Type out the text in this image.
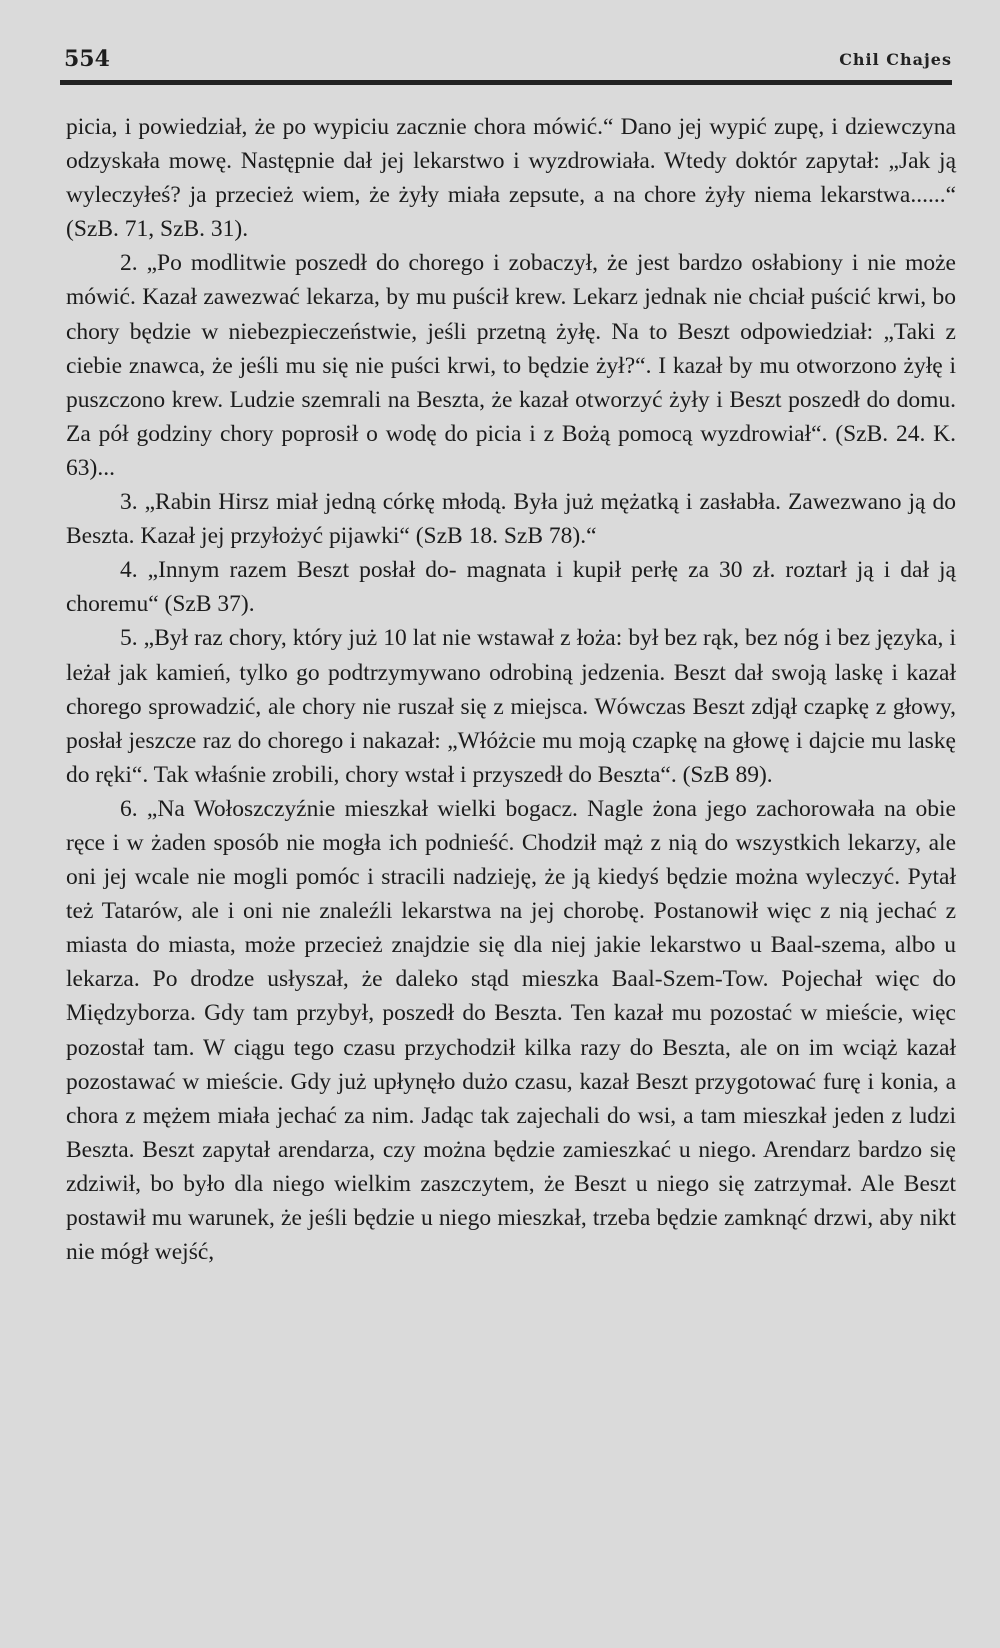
554	Chil Chajes

picia, i powiedział, że po wypiciu zacznie chora mówić.“ Dano jej wypić zupę, i dziewczyna odzyskała mowę. Następnie dał jej lekarstwo i wyzdrowiała. Wtedy doktór zapytał: „Jak ją wyleczyłeś? ja przecież wiem, że żyły miała zepsute, a na chore żyły niema lekarstwa......“ (SzB. 71, SzB. 31).

2. „Po modlitwie poszedł do chorego i zobaczył, że jest bardzo osłabiony i nie może mówić. Kazał zawezwać lekarza, by mu puścił krew. Lekarz jednak nie chciał puścić krwi, bo chory będzie w niebezpieczeństwie, jeśli przetną żyłę. Na to Beszt odpowiedział: „Taki z ciebie znawca, że jeśli mu się nie puści krwi, to będzie żył?“. I kazał by mu otworzono żyłę i puszczono krew. Ludzie szemrali na Beszta, że kazał otworzyć żyły i Beszt poszedł do domu. Za pół godziny chory poprosił o wodę do picia i z Bożą pomocą wyzdrowiał“. (SzB. 24. K. 63)...

3. „Rabin Hirsz miał jedną córkę młodą. Była już mężatką i zasłabła. Zawezwano ją do Beszta. Kazał jej przyłożyć pijawki“ (SzB 18. SzB 78).“

4. „Innym razem Beszt posłał do- magnata i kupił perłę za 30 zł. roztarł ją i dał ją choremu“ (SzB 37).

5. „Był raz chory, który już 10 lat nie wstawał z łoża: był bez rąk, bez nóg i bez języka, i leżał jak kamień, tylko go podtrzymywano odrobiną jedzenia. Beszt dał swoją laskę i kazał chorego sprowadzić, ale chory nie ruszał się z miejsca. Wówczas Beszt zdjął czapkę z głowy, posłał jeszcze raz do chorego i nakazał: „Włóżcie mu moją czapkę na głowę i dajcie mu laskę do ręki“. Tak właśnie zrobili, chory wstał i przyszedł do Beszta“. (SzB 89).

6. „Na Wołoszczyźnie mieszkał wielki bogacz. Nagle żona jego zachorowała na obie ręce i w żaden sposób nie mogła ich podnieść. Chodził mąż z nią do wszystkich lekarzy, ale oni jej wcale nie mogli pomóc i stracili nadzieję, że ją kiedyś będzie można wyleczyć. Pytał też Tatarów, ale i oni nie znaleźli lekarstwa na jej chorobę. Postanowił więc z nią jechać z miasta do miasta, może przecież znajdzie się dla niej jakie lekarstwo u Baal-szema, albo u lekarza. Po drodze usłyszał, że daleko stąd mieszka Baal-Szem-Tow. Pojechał więc do Międzyborza. Gdy tam przybył, poszedł do Beszta. Ten kazał mu pozostać w mieście, więc pozostał tam. W ciągu tego czasu przychodził kilka razy do Beszta, ale on im wciąż kazał pozostawać w mieście. Gdy już upłynęło dużo czasu, kazał Beszt przygotować furę i konia, a chora z mężem miała jechać za nim. Jadąc tak zajechali do wsi, a tam mieszkał jeden z ludzi Beszta. Beszt zapytał arendarza, czy można będzie zamieszkać u niego. Arendarz bardzo się zdziwił, bo było dla niego wielkim zaszczytem, że Beszt u niego się zatrzymał. Ale Beszt postawił mu warunek, że jeśli będzie u niego mieszkał, trzeba będzie zamknąć drzwi, aby nikt nie mógł wejść,
